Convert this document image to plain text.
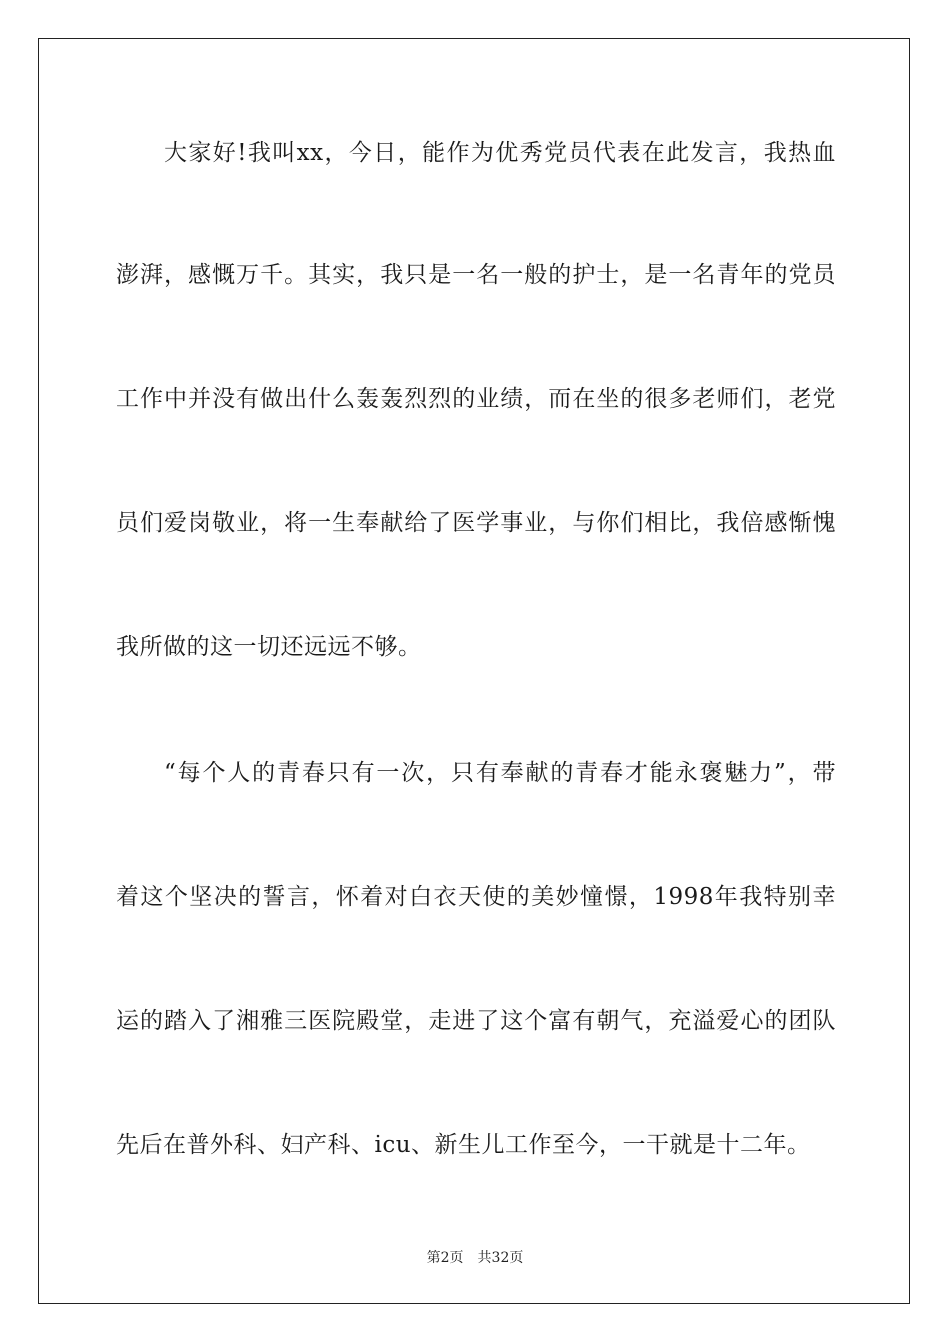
大家好!我叫xx，今日，能作为优秀党员代表在此发言，我热血
澎湃，感慨万千。其实，我只是一名一般的护士，是一名青年的党员
工作中并没有做出什么轰轰烈烈的业绩，而在坐的很多老师们，老党
员们爱岗敬业，将一生奉献给了医学事业，与你们相比，我倍感惭愧
我所做的这一切还远远不够。
“每个人的青春只有一次，只有奉献的青春才能永褒魅力”，带
着这个坚决的誓言，怀着对白衣天使的美妙憧憬，1998年我特别幸
运的踏入了湘雅三医院殿堂，走进了这个富有朝气，充溢爱心的团队
先后在普外科、妇产科、icu、新生儿工作至今，一干就是十二年。
第2页 共32页
